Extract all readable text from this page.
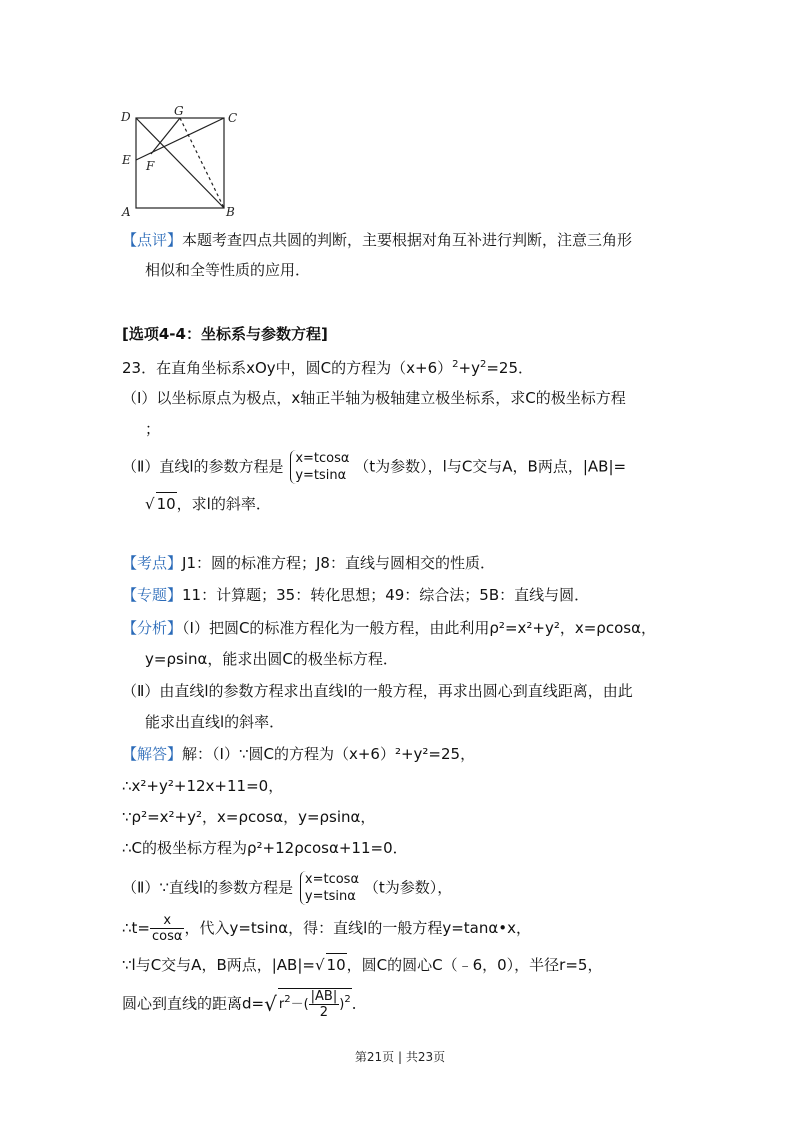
D	G	C
E F
A	B
【点评】本题考查四点共圆的判断，主要根据对角互补进行判断，注意三角形
相似和全等性质的应用．
[选项4-4：坐标系与参数方程]
23．在直角坐标系xOy中，圆C的方程为$(x+6)^2+y^2=25$．
（Ⅰ）以坐标原点为极点，x轴正半轴为极轴建立极坐标系，求C的极坐标方程
；
（Ⅱ）直线l的参数方程是 x=tcosα
y=tsinα （t为参数），l与C交与A，B两点，|AB|=
√ 10，求l的斜率．
【考点】J1：圆的标准方程；J8：直线与圆相交的性质．
【专题】11：计算题；35：转化思想；49：综合法；5B：直线与圆．
【分析】（Ⅰ）把圆C的标准方程化为一般方程，由此利用ρ²=x²+y²，x=ρcosα，
y=ρsinα，能求出圆C的极坐标方程．
（Ⅱ）由直线l的参数方程求出直线l的一般方程，再求出圆心到直线距离，由此
能求出直线l的斜率．
【解答】解：（Ⅰ）∵圆C的方程为（x+6）²+y²=25，
∴x²+y²+12x+11=0，
∵ρ²=x²+y²，x=ρcosα，y=ρsinα，
∴C的极坐标方程为ρ²+12ρcosα+11=0．
（Ⅱ）∵直线l的参数方程是 x=tcosα
y=tsinα （t为参数），
∴t= $\frac{x}{\cos\alpha}$ ，代入y=tsinα，得：直线l的一般方程y=tanα•x，
∵l与C交与A，B两点，|AB|=√ 10，圆C的圆心C（﹣6，0），半径r=5，
圆心到直线的距离d=√ $r^2-( \frac{|AB|}{2} )^2$．
第21页 | 共23页
